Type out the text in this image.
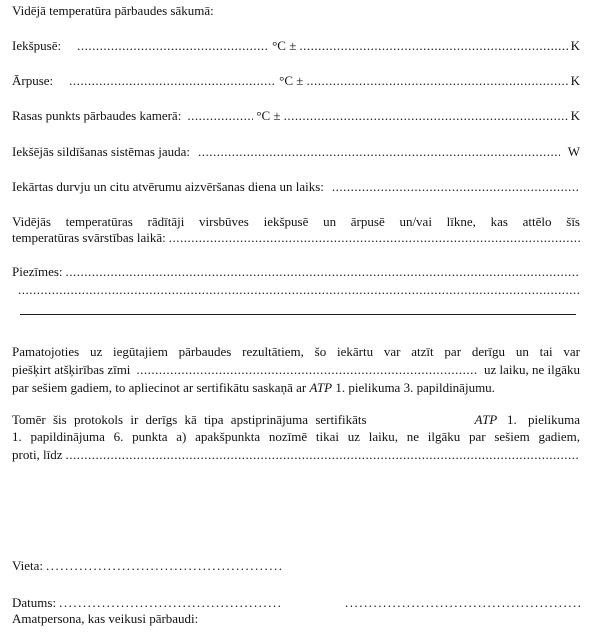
Vidējā temperatūra pārbaudes sākumā:
Iekšpusē: .....	°C ± .....	K
Ārpuse: .....	°C ± .....	K
Rasas punkts pārbaudes kamerā: .....	°C ± .....	K
Iekšējās sildīšanas sistēmas jauda: .....	W
Iekārtas durvju un citu atvērumu aizvēršanas diena un laiks:
.....
Vidējās temperatūras rādītāji virsbūves iekšpusē un ārpusē un/vai līkne, kas attēlo šīs
temperatūras svārstības laikā:
.....
Piezīmes:
.....
.....
Pamatojoties uz iegūtajiem pārbaudes rezultātiem, šo iekārtu var atzīt par derīgu un tai var
piešķirt atšķirības zīmi .....	uz laiku, ne ilgāku
par sešiem gadiem, to apliecinot ar sertifikātu saskaņā ar ATP 1. pielikuma 3. papildinājumu.
Tomēr šis protokols ir derīgs kā tipa apstiprinājuma sertifikāts	ATP 1. pielikuma
1. papildinājuma 6. punkta a) apakšpunkta nozīmē tikai uz laiku, ne ilgāku par sešiem gadiem,
proti, līdz
.....
Vieta:
.....
Datums:
.....
.....
Amatpersona, kas veikusi pārbaudi:
